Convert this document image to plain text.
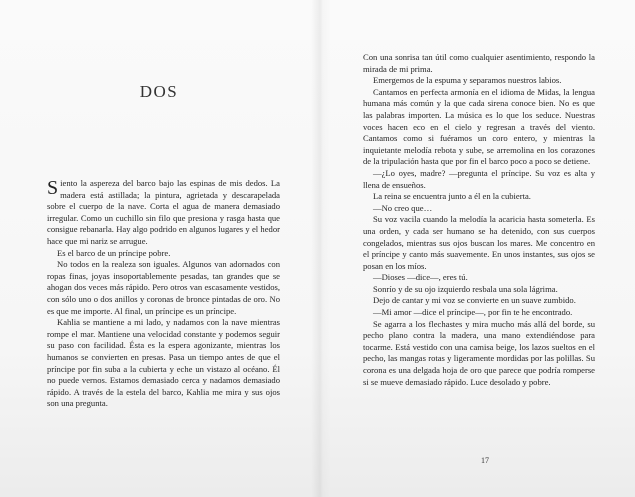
DOS

Siento la aspereza del barco bajo las espinas de mis dedos. La madera está astillada; la pintura, agrietada y descarapelada sobre el cuerpo de la nave. Corta el agua de manera demasiado irregular. Como un cuchillo sin filo que presiona y rasga hasta que consigue rebanarla. Hay algo podrido en algunos lugares y el hedor hace que mi nariz se arrugue.

Es el barco de un príncipe pobre.

No todos en la realeza son iguales. Algunos van adornados con ropas finas, joyas insoportablemente pesadas, tan grandes que se ahogan dos veces más rápido. Pero otros van escasamente vestidos, con sólo uno o dos anillos y coronas de bronce pintadas de oro. No es que me importe. Al final, un príncipe es un príncipe.

Kahlia se mantiene a mi lado, y nadamos con la nave mientras rompe el mar. Mantiene una velocidad constante y podemos seguir su paso con facilidad. Ésta es la espera agonizante, mientras los humanos se convierten en presas. Pasa un tiempo antes de que el príncipe por fin suba a la cubierta y eche un vistazo al océano. Él no puede vernos. Estamos demasiado cerca y nadamos demasiado rápido. A través de la estela del barco, Kahlia me mira y sus ojos son una pregunta.

Con una sonrisa tan útil como cualquier asentimiento, respondo la mirada de mi prima.

Emergemos de la espuma y separamos nuestros labios.

Cantamos en perfecta armonía en el idioma de Midas, la lengua humana más común y la que cada sirena conoce bien. No es que las palabras importen. La música es lo que los seduce. Nuestras voces hacen eco en el cielo y regresan a través del viento. Cantamos como si fuéramos un coro entero, y mientras la inquietante melodía rebota y sube, se arremolina en los corazones de la tripulación hasta que por fin el barco poco a poco se detiene.

—¿Lo oyes, madre? —pregunta el príncipe. Su voz es alta y llena de ensueños.

La reina se encuentra junto a él en la cubierta.

—No creo que…

Su voz vacila cuando la melodía la acaricia hasta someterla. Es una orden, y cada ser humano se ha detenido, con sus cuerpos congelados, mientras sus ojos buscan los mares. Me concentro en el príncipe y canto más suavemente. En unos instantes, sus ojos se posan en los míos.

—Dioses —dice—, eres tú.

Sonrío y de su ojo izquierdo resbala una sola lágrima.

Dejo de cantar y mi voz se convierte en un suave zumbido.

—Mi amor —dice el príncipe—, por fin te he encontrado.

Se agarra a los flechastes y mira mucho más allá del borde, su pecho plano contra la madera, una mano extendiéndose para tocarme. Está vestido con una camisa beige, los lazos sueltos en el pecho, las mangas rotas y ligeramente mordidas por las polillas. Su corona es una delgada hoja de oro que parece que podría romperse si se mueve demasiado rápido. Luce desolado y pobre.

17
